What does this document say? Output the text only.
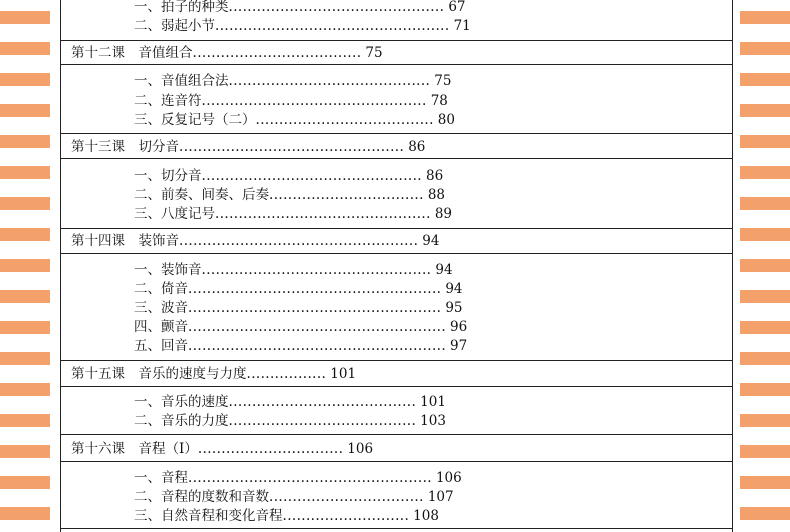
一、拍子的种类.............................................. 67
二、弱起小节.................................................. 71
第十二课　音值组合.................................... 75
一、音值组合法........................................... 75
二、连音符................................................ 78
三、反复记号（二）...................................... 80
第十三课　切分音................................................ 86
一、切分音............................................... 86
二、前奏、间奏、后奏................................. 88
三、八度记号.............................................. 89
第十四课　装饰音................................................... 94
一、装饰音................................................. 94
二、倚音...................................................... 94
三、波音...................................................... 95
四、颤音....................................................... 96
五、回音....................................................... 97
第十五课　音乐的速度与力度................. 101
一、音乐的速度........................................ 101
二、音乐的力度........................................ 103
第十六课　音程（Ⅰ）............................... 106
一、音程.................................................... 106
二、音程的度数和音数................................. 107
三、自然音程和变化音程........................... 108
